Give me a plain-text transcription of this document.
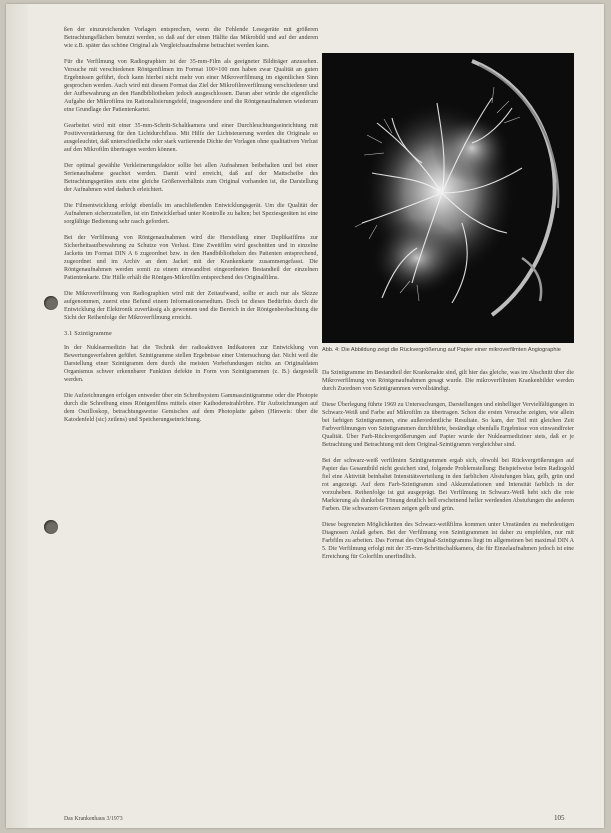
ßen der einzureichenden Vorlagen entsprechen, wenn die Fehlende Lesegeräte mit größeren Betrachtungsflächen benutzt werden, so daß auf der einen Hälfte das Mikrobild und auf der anderen wie z.B. später das schöne Original als Vergleichsaufnahme betrachtet werden kann.

Für die Verfilmung von Radiographien ist der 35-mm-Film als geeigneter Bildträger anzusehen. Versuche mit verschiedenen Röntgenfilmen im Format 100×100 mm haben zwar Qualität an guten Ergebnissen geführt, doch kann hierbei nicht mehr von einer Mikroverfilmung im eigentlichen Sinn gesprochen werden. Auch wird mit diesem Format das Ziel der Mikrofilmverfilmung verschiedener und der Aufbewahrung an den Handbibliotheken jedoch ausgeschlossen. Daran aber würde die eigentliche Aufgabe der Mikrofilms im Rationalisierungsfeld, insgesondere und die Röntgenaufnahmen wiederum eine Grundlage der Patientenkartei.

Gearbeitet wird mit einer 35-mm-Schritt-Schaltkamera und einer Durchleuchtungseinrichtung mit Positivverstärkerung für den Lichtdurchfluss. Mit Hilfe der Lichtsteuerung werden die Originale so ausgeleuchtet, daß unterschiedliche oder stark variierende Dichte der Vorlagen ohne qualitativen Verlust auf den Mikrofilm übertragen werden können.

Der optimal gewählte Verkleinerungsfaktor sollte bei allen Aufnahmen beibehalten und bei einer Serienaufnahme geachtet werden. Damit wird erreicht, daß auf der Mattscheibe des Betrachtungsgerätes stets eine gleiche Größenverhältnis zum Original vorhanden ist, die Darstellung der Aufnahmen wird dadurch erleichtert.

Die Filmentwicklung erfolgt ebenfalls im anschließenden Entwicklungsgerät. Um die Qualität der Aufnahmen sicherzustellen, ist ein Entwicklerbad unter Kontrolle zu halten; bei Speziesgeräten ist eine sorgfältige Bedienung sehr rasch gefordert.

Bei der Verfilmung von Röntgenaufnahmen wird die Herstellung einer Duplikatfilms zur Sicherheitsaufbewahrung zu Schutze von Verlust. Eine Zweitfilm wird geschnitten und in einzelne Jacketts im Format DIN A 6 zugeordnet bzw. in den Handbibliotheken des Patienten entsprechend, zugeordnet und im Archiv an dem Jacket mit der Krankenkarte zusammengefasst. Die Röntgenaufnahmen werden somit zu einem einwandfrei eingeordneten Bestandteil der einzelnen Patientenkarte. Die Hülle erhält die Röntgen-Mikrofilm entsprechend des Originalfilms.

Die Mikroverfilmung von Radiographien wird mit der Zeitaufwand, sollte er auch nur als Skizze aufgenommen, zuerst eine Befund einem Informationsmedium. Doch ist dieses Bedürfnis durch die Entwicklung der Elektronik zuverlässig als gewonnen und die Bereich in der Röntgenbeobachtung die Sicht der Reihenfolge der Mikroverfilmung erreicht.

3.1 Szintigramme

In der Nuklearmedizin hat die Technik der radioaktiven Indikatoren zur Entwicklung von Bewertungsverfahren geführt. Szintigramme stellen Ergebnisse einer Untersuchung dar. Nicht weil die Darstellung einer Szintigramm dem durch die meisten Vorbefundungen nichts an Originaldaten Organismus schwer erkennbarer Funktion defekte in Form von Szintigrammen (z. B.) dargestellt werden.

Die Aufzeichnungen erfolgen entweder über ein Schreibsystem Gammaszintigramme oder die Photopie durch die Schreibung eines Röntgenfilms mittels einer Kathodenstrahlröhre. Für Aufzeichnungen auf dem Oszilloskop, betrachtungsweise Gemisches auf dem Photoplatte gaben (Hinweis: über die Katodenfeld (sic) zeilens) und Speicherungseinrichtung.

Abb. 4: Die Abbildung zeigt die Rückvergrößerung auf Papier einer mikroverfilmten Angiographie

Da Szintigramme im Bestandteil der Krankenakte sind, gilt hier das gleiche, was im Abschnitt über die Mikroverfilmung von Röntgenaufnahmen gesagt wurde. Die mikroverfilmten Krankenbilder werden durch Zuordnen von Szintigrammen vervollständigt.

Diese Überlegung führte 1969 zu Untersuchungen, Darstellungen und einhelliger Vervielfältigungen in Schwarz-Weiß und Farbe auf Mikrofilm zu übertragen. Schon die ersten Versuche zeigten, wie allein bei farbigen Szintigrammen, eine außerordentliche Resultate. So kam, der Teil mit gleichen Zeit Farbverfilmungen von Szintigrammen durchführte, beständige ebenfalls Ergebnisse von einwandfreier Qualität. Über Farb-Rückvergrößerungen auf Papier wurde der Nuklearmediziner stets, daß er je Betrachtung und Betrachtung mit dem Original-Szintigramm vergleichbar sind.

Bei der schwarz-weiß verfilmten Szintigrammen ergab sich, obwohl bei Rückvergrößerungen auf Papier das Gesamtbild nicht gesichert sind, folgende Problemstellung: Beispielweise beim Radiogold fiel eine Aktivität beinhaltet Intensitätsverteilung in den farblichen Abstufungen blau, gelb, grün und rot angezeigt. Auf dem Farb-Szintigramm sind Akkumulationen und Intensität farblich in der vorzuheben. Reihenfolge ist gut ausgeprägt. Bei Verfilmung in Schwarz-Weiß hebt sich die rote Markierung als dunkelste Tönung deutlich hell erscheinend heller werdenden Abstufungen die anderen Farben. Die schwarzen Grenzen zeigen gelb und grün.

Diese begrenzten Möglichkeiten des Schwarz-weißfilms kommen unter Umständen zu mehrdeutigen Diagnosen Anlaß geben. Bei der Verfilmung von Szintigrammen ist daher zu empfehlen, nur mit Farbfilm zu arbeiten. Das Format des Original-Szintigramms liegt im allgemeinen bei maximal DIN A 5. Die Verfilmung erfolgt mit der 35-mm-Schrittschaltkamera, die für Einzelaufnahmen jedoch ist eine Erreichung für Colorfilm unerfindlich.

Das Krankenhaus 3/1973	105
